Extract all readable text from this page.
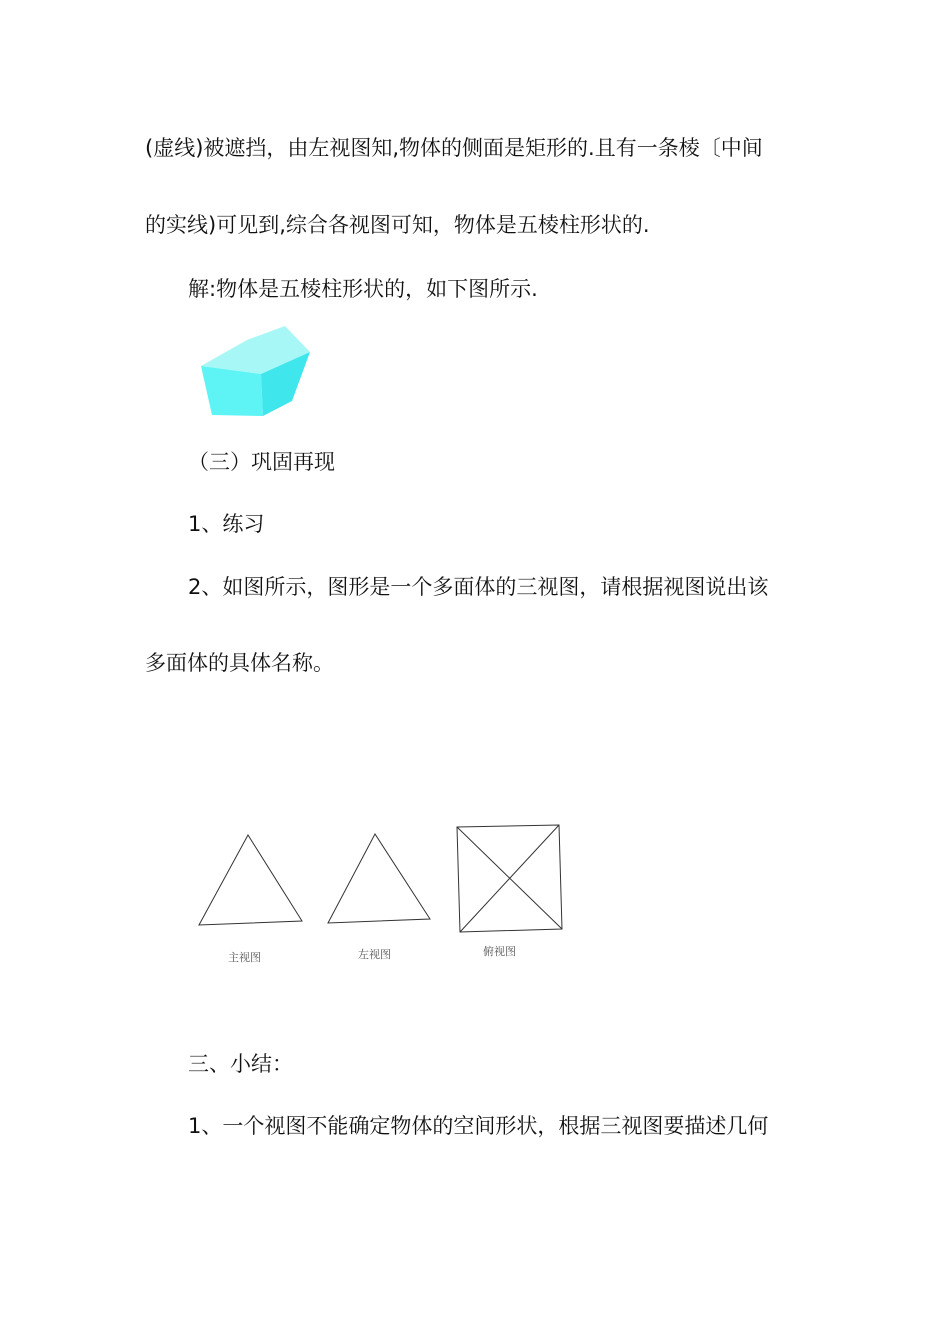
(虚线)被遮挡，由左视图知,物体的侧面是矩形的.且有一条棱〔中间
的实线)可见到,综合各视图可知，物体是五棱柱形状的.
解:物体是五棱柱形状的，如下图所示.
（三）巩固再现
1、练习
2、如图所示，图形是一个多面体的三视图，请根据视图说出该
多面体的具体名称。
主视图	左视图	俯视图
三、小结：
1、一个视图不能确定物体的空间形状，根据三视图要描述几何
